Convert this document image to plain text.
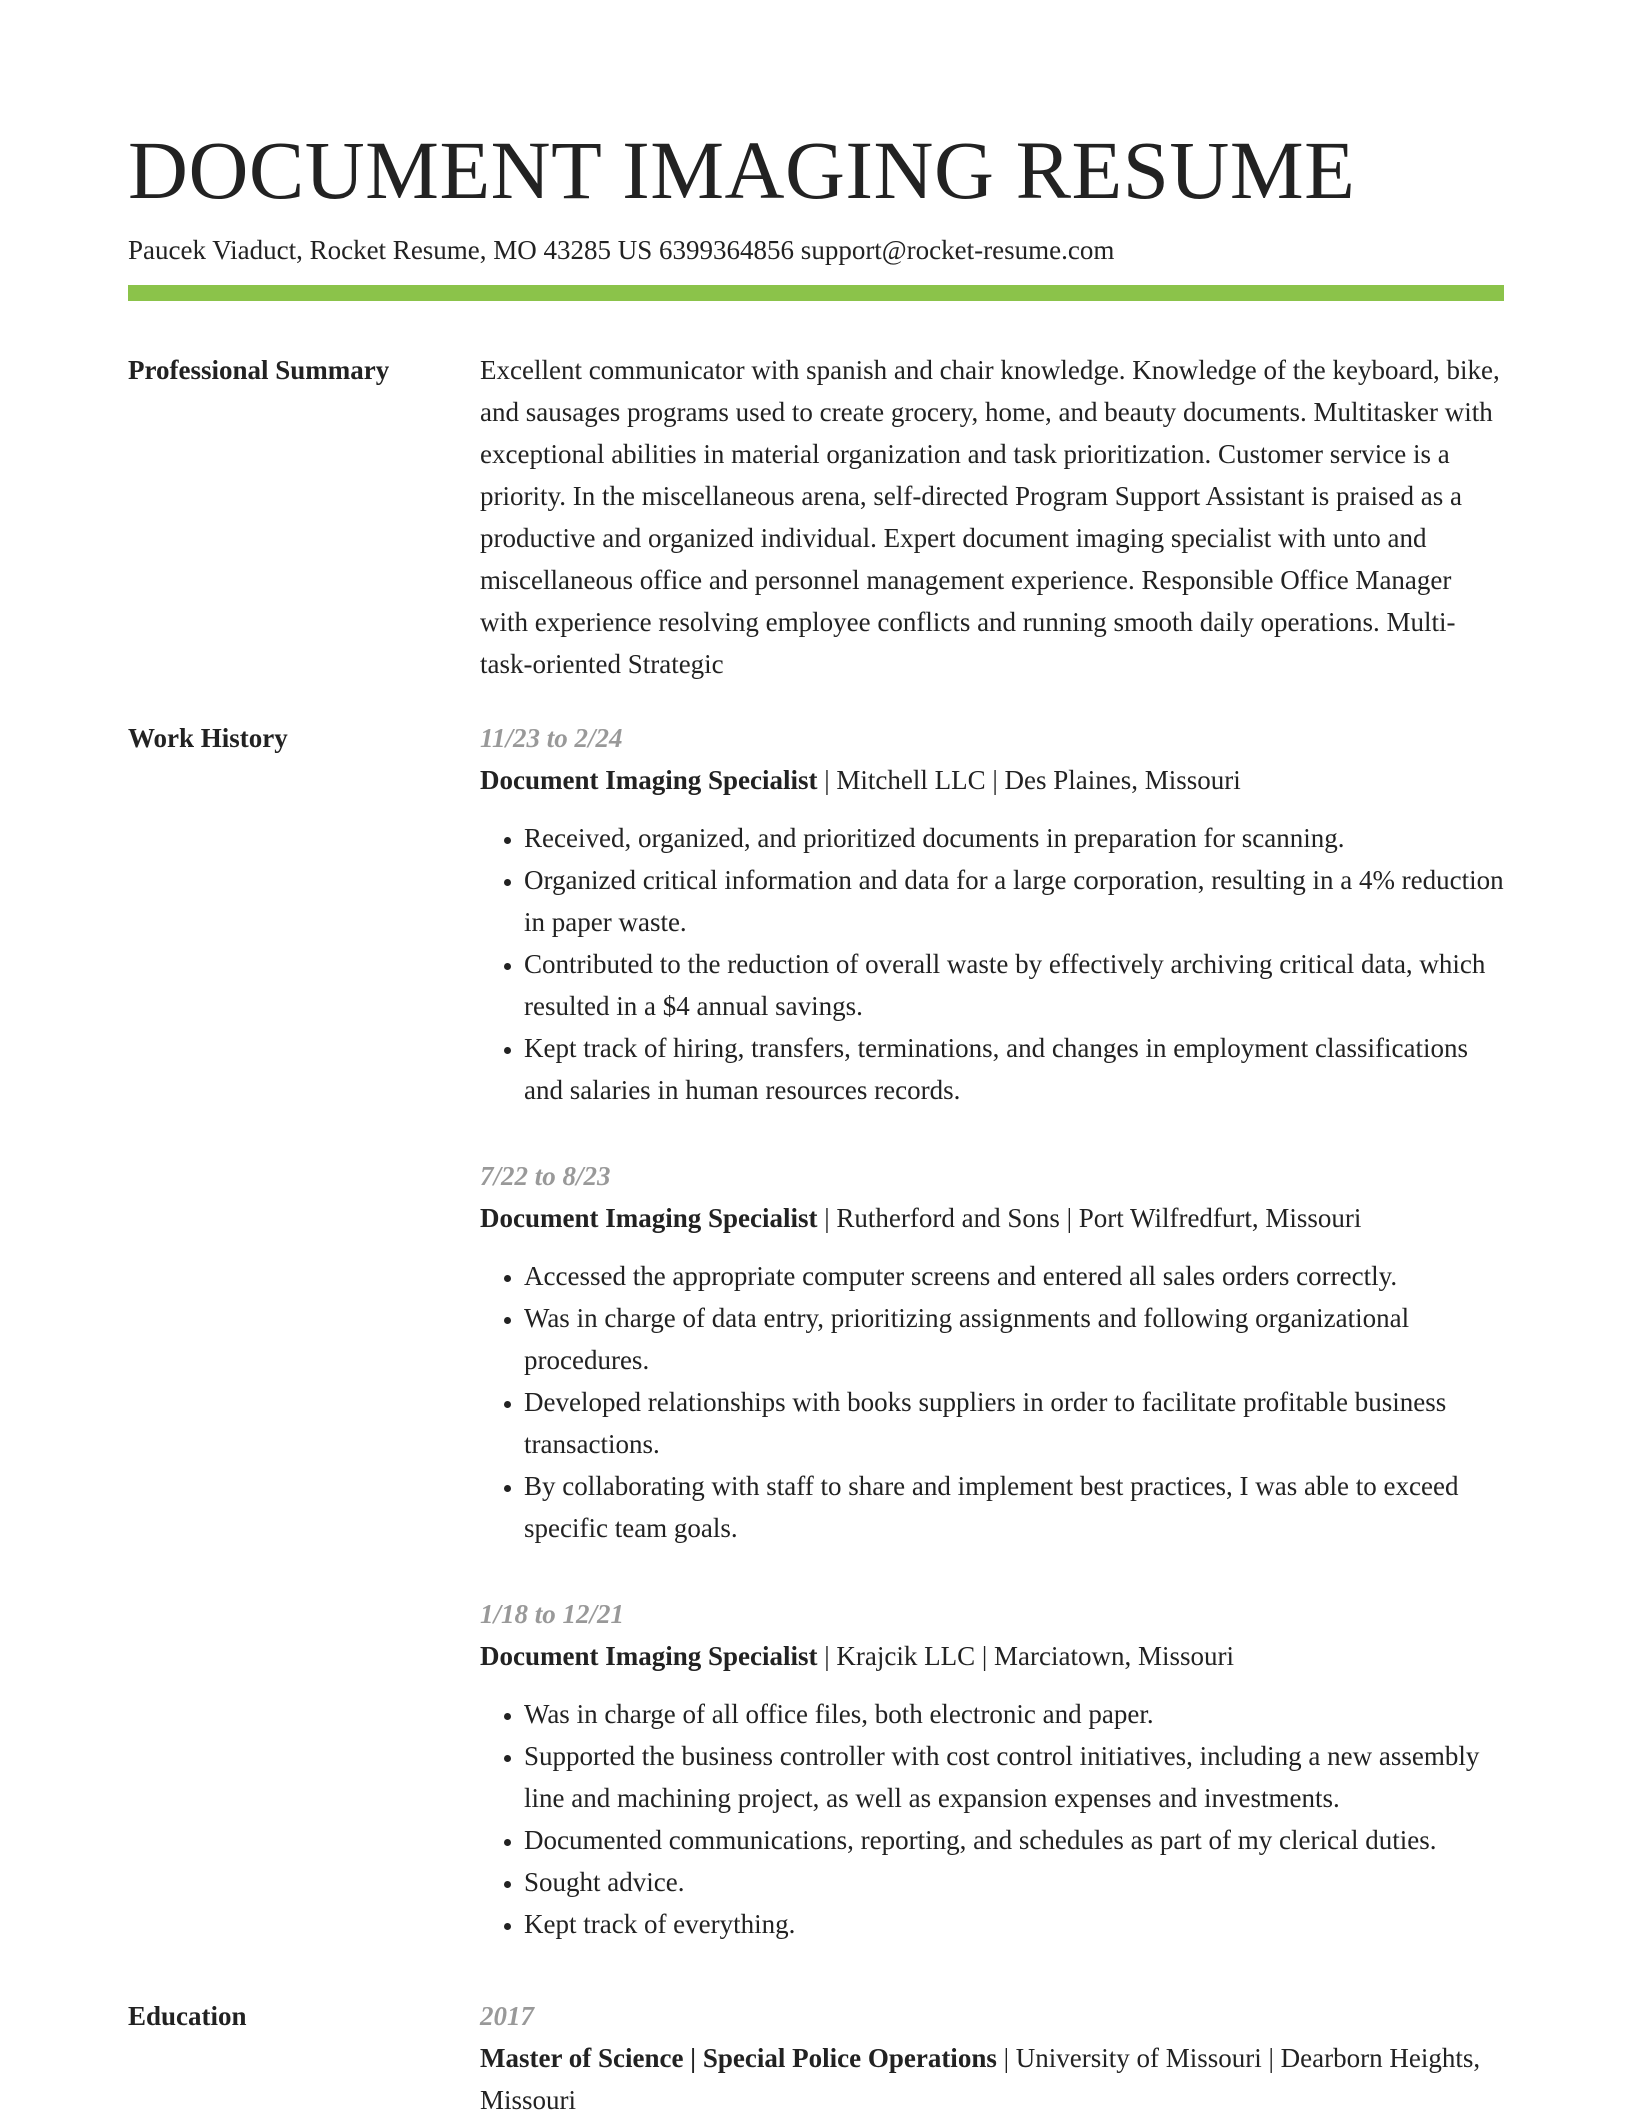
DOCUMENT IMAGING RESUME
Paucek Viaduct, Rocket Resume, MO 43285 US 6399364856 support@rocket-resume.com
Professional Summary	Excellent communicator with spanish and chair knowledge. Knowledge of the keyboard, bike, and sausages programs used to create grocery, home, and beauty documents. Multitasker with exceptional abilities in material organization and task prioritization. Customer service is a priority. In the miscellaneous arena, self-directed Program Support Assistant is praised as a productive and organized individual. Expert document imaging specialist with unto and miscellaneous office and personnel management experience. Responsible Office Manager with experience resolving employee conflicts and running smooth daily operations. Multi-task-oriented Strategic

Work History	11/23 to 2/24
Document Imaging Specialist | Mitchell LLC | Des Plaines, Missouri
• Received, organized, and prioritized documents in preparation for scanning.
• Organized critical information and data for a large corporation, resulting in a 4% reduction in paper waste.
• Contributed to the reduction of overall waste by effectively archiving critical data, which resulted in a $4 annual savings.
• Kept track of hiring, transfers, terminations, and changes in employment classifications and salaries in human resources records.
7/22 to 8/23
Document Imaging Specialist | Rutherford and Sons | Port Wilfredfurt, Missouri
• Accessed the appropriate computer screens and entered all sales orders correctly.
• Was in charge of data entry, prioritizing assignments and following organizational procedures.
• Developed relationships with books suppliers in order to facilitate profitable business transactions.
• By collaborating with staff to share and implement best practices, I was able to exceed specific team goals.
1/18 to 12/21
Document Imaging Specialist | Krajcik LLC | Marciatown, Missouri
• Was in charge of all office files, both electronic and paper.
• Supported the business controller with cost control initiatives, including a new assembly line and machining project, as well as expansion expenses and investments.
• Documented communications, reporting, and schedules as part of my clerical duties.
• Sought advice.
• Kept track of everything.
Education	2017
Master of Science | Special Police Operations | University of Missouri | Dearborn Heights, Missouri
